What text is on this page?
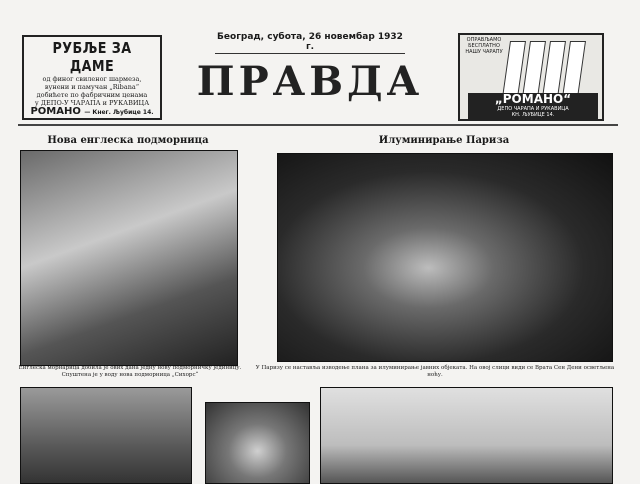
РУБЉЕ ЗА ДАМЕ
од финог свиленог шармеза,
вунени и памучан „Ribana“
добићете по фабричним ценама
у ДЕПО-У ЧАРАПА и РУКАВИЦА
РОМАНО — Кнег. Љубице 14.
Београд, субота, 26 новембар 1932 г.
ПРАВДА
ОПРАВЉАМО БЕСПЛАТНО НАШУ ЧАРАПУ
„РОМАНО“
ДЕПО ЧАРАПА И РУКАВИЦА
КН. ЉУБИЦЕ 14.
Нова енглеска подморница	Илуминирање Париза
Енглеска морнарица добила је ових дана једну нову подморничку јединицу. Спуштена је у воду нова подморница „Сихорс“
У Паризу се наставља изводење плана за илуминирање јавних објеката. На овој слици види се Врата Сен Дени осветљена ноћу.
